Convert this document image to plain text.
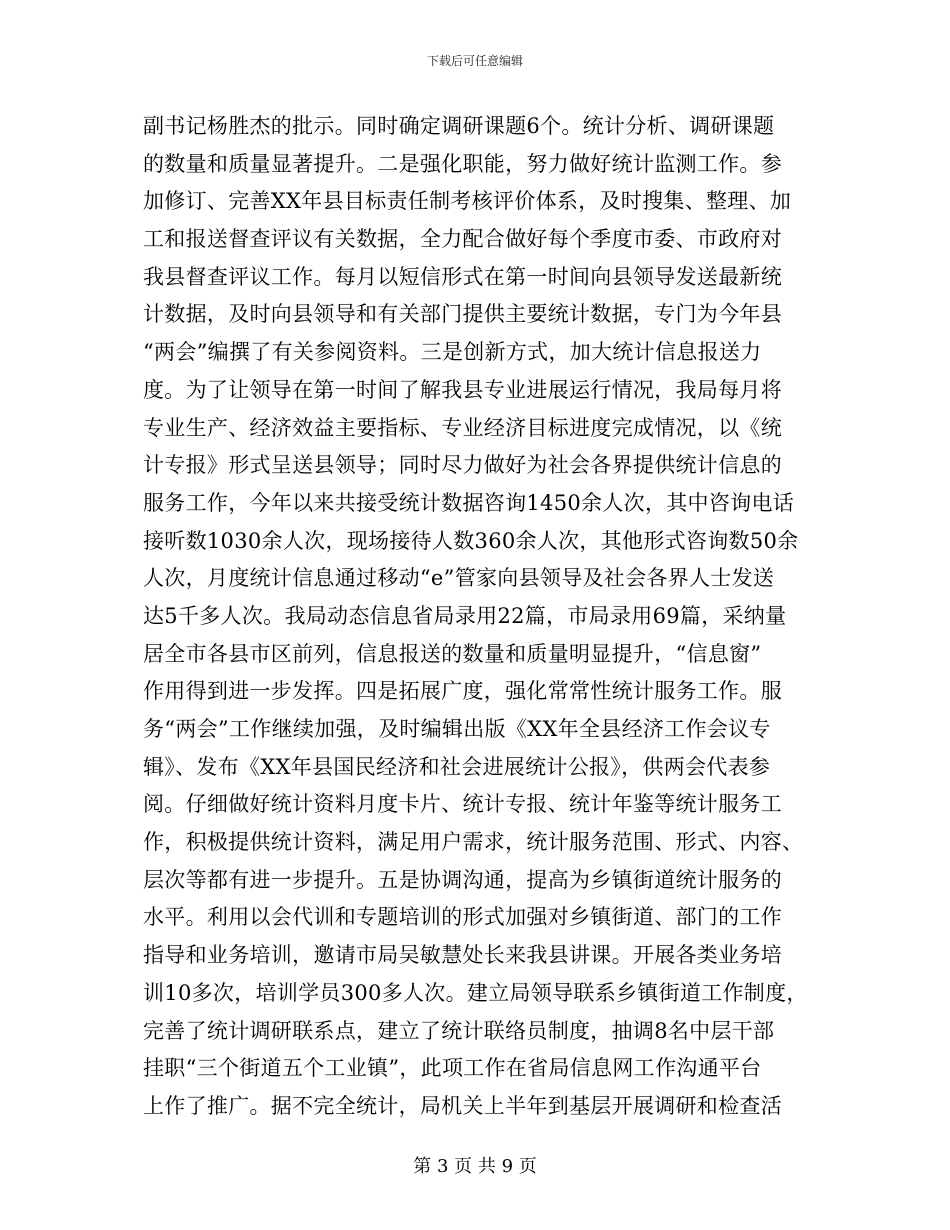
下载后可任意编辑
副书记杨胜杰的批示。同时确定调研课题6个。统计分析、调研课题
的数量和质量显著提升。二是强化职能，努力做好统计监测工作。参
加修订、完善XX年县目标责任制考核评价体系，及时搜集、整理、加
工和报送督查评议有关数据，全力配合做好每个季度市委、市政府对
我县督查评议工作。每月以短信形式在第一时间向县领导发送最新统
计数据，及时向县领导和有关部门提供主要统计数据，专门为今年县
“两会”编撰了有关参阅资料。三是创新方式，加大统计信息报送力
度。为了让领导在第一时间了解我县专业进展运行情况，我局每月将
专业生产、经济效益主要指标、专业经济目标进度完成情况，以《统
计专报》形式呈送县领导；同时尽力做好为社会各界提供统计信息的
服务工作，今年以来共接受统计数据咨询1450余人次，其中咨询电话
接听数1030余人次，现场接待人数360余人次，其他形式咨询数50余
人次，月度统计信息通过移动“e”管家向县领导及社会各界人士发送
达5千多人次。我局动态信息省局录用22篇，市局录用69篇，采纳量
居全市各县市区前列，信息报送的数量和质量明显提升，“信息窗”
作用得到进一步发挥。四是拓展广度，强化常常性统计服务工作。服
务“两会”工作继续加强，及时编辑出版《XX年全县经济工作会议专
辑》、发布《XX年县国民经济和社会进展统计公报》，供两会代表参
阅。仔细做好统计资料月度卡片、统计专报、统计年鉴等统计服务工
作，积极提供统计资料，满足用户需求，统计服务范围、形式、内容、
层次等都有进一步提升。五是协调沟通，提高为乡镇街道统计服务的
水平。利用以会代训和专题培训的形式加强对乡镇街道、部门的工作
指导和业务培训，邀请市局吴敏慧处长来我县讲课。开展各类业务培
训10多次，培训学员300多人次。建立局领导联系乡镇街道工作制度，
完善了统计调研联系点，建立了统计联络员制度，抽调8名中层干部
挂职“三个街道五个工业镇”，此项工作在省局信息网工作沟通平台
上作了推广。据不完全统计，局机关上半年到基层开展调研和检查活
第 3 页 共 9 页
